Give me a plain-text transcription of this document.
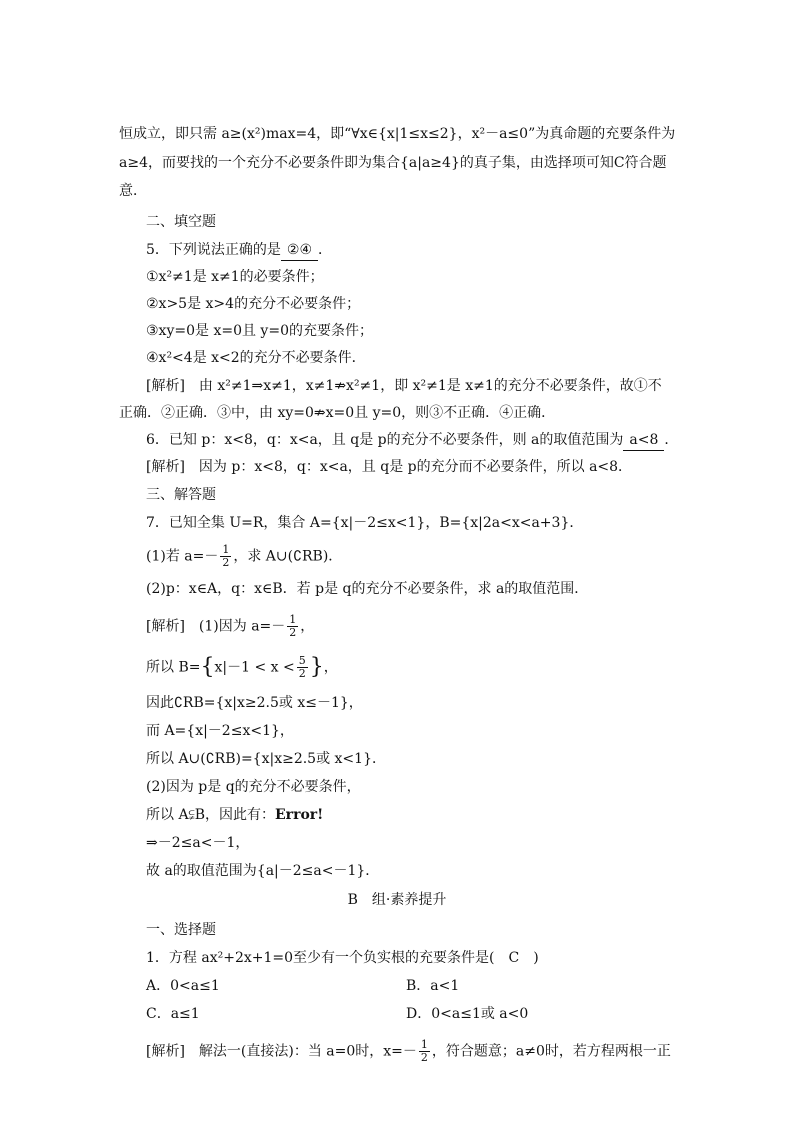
恒成立，即只需 a≥(x²)max=4，即“∀x∈{x|1≤x≤2}，x²－a≤0”为真命题的充要条件为
a≥4，而要找的一个充分不必要条件即为集合{a|a≥4}的真子集，由选择项可知C符合题
意．
二、填空题
5．下列说法正确的是 ②④ ．
①x²≠1是 x≠1的必要条件；
②x>5是 x>4的充分不必要条件；
③xy=0是 x=0且 y=0的充要条件；
④x²<4是 x<2的充分不必要条件．
[解析]　由 x²≠1⇒x≠1，x≠1⇏x²≠1，即 x²≠1是 x≠1的充分不必要条件，故①不
正确．②正确．③中，由 xy=0⇏x=0且 y=0，则③不正确．④正确．
6．已知 p：x<8，q：x<a，且 q是 p的充分不必要条件，则 a的取值范围为 a<8 ．
[解析]　因为 p：x<8，q：x<a，且 q是 p的充分而不必要条件，所以 a<8．
三、解答题
7．已知全集 U=R，集合 A={x|－2≤x<1}，B={x|2a<x<a+3}．
(1)若 $a=- \frac{1}{2}$ ，求 A∪(∁RB)．
(2)p：x∈A，q：x∈B．若 p是 q的充分不必要条件，求 a的取值范围．
[解析]　(1)因为 $a=- \frac{1}{2}$ ，
所以 $B=\{x|-1 < x < \frac{5}{2}$ }，
因此∁RB={x|x≥2.5或 x≤－1}，
而 A={x|－2≤x<1}，
所以 A∪(∁RB)={x|x≥2.5或 x<1}．
(2)因为 p是 q的充分不必要条件，
所以 A⫋B，因此有：Error!
⇒－2≤a<－1，
故 a的取值范围为{a|－2≤a<－1}．
B　组·素养提升
一、选择题
1．方程 ax²+2x+1=0至少有一个负实根的充要条件是(　C　)
A．0<a≤1	B．a<1
C．a≤1	D．0<a≤1或 a<0
[解析]　解法一(直接法)：当 a=0时，$x=- \frac{1}{2}$ ，符合题意；a≠0时，若方程两根一正
